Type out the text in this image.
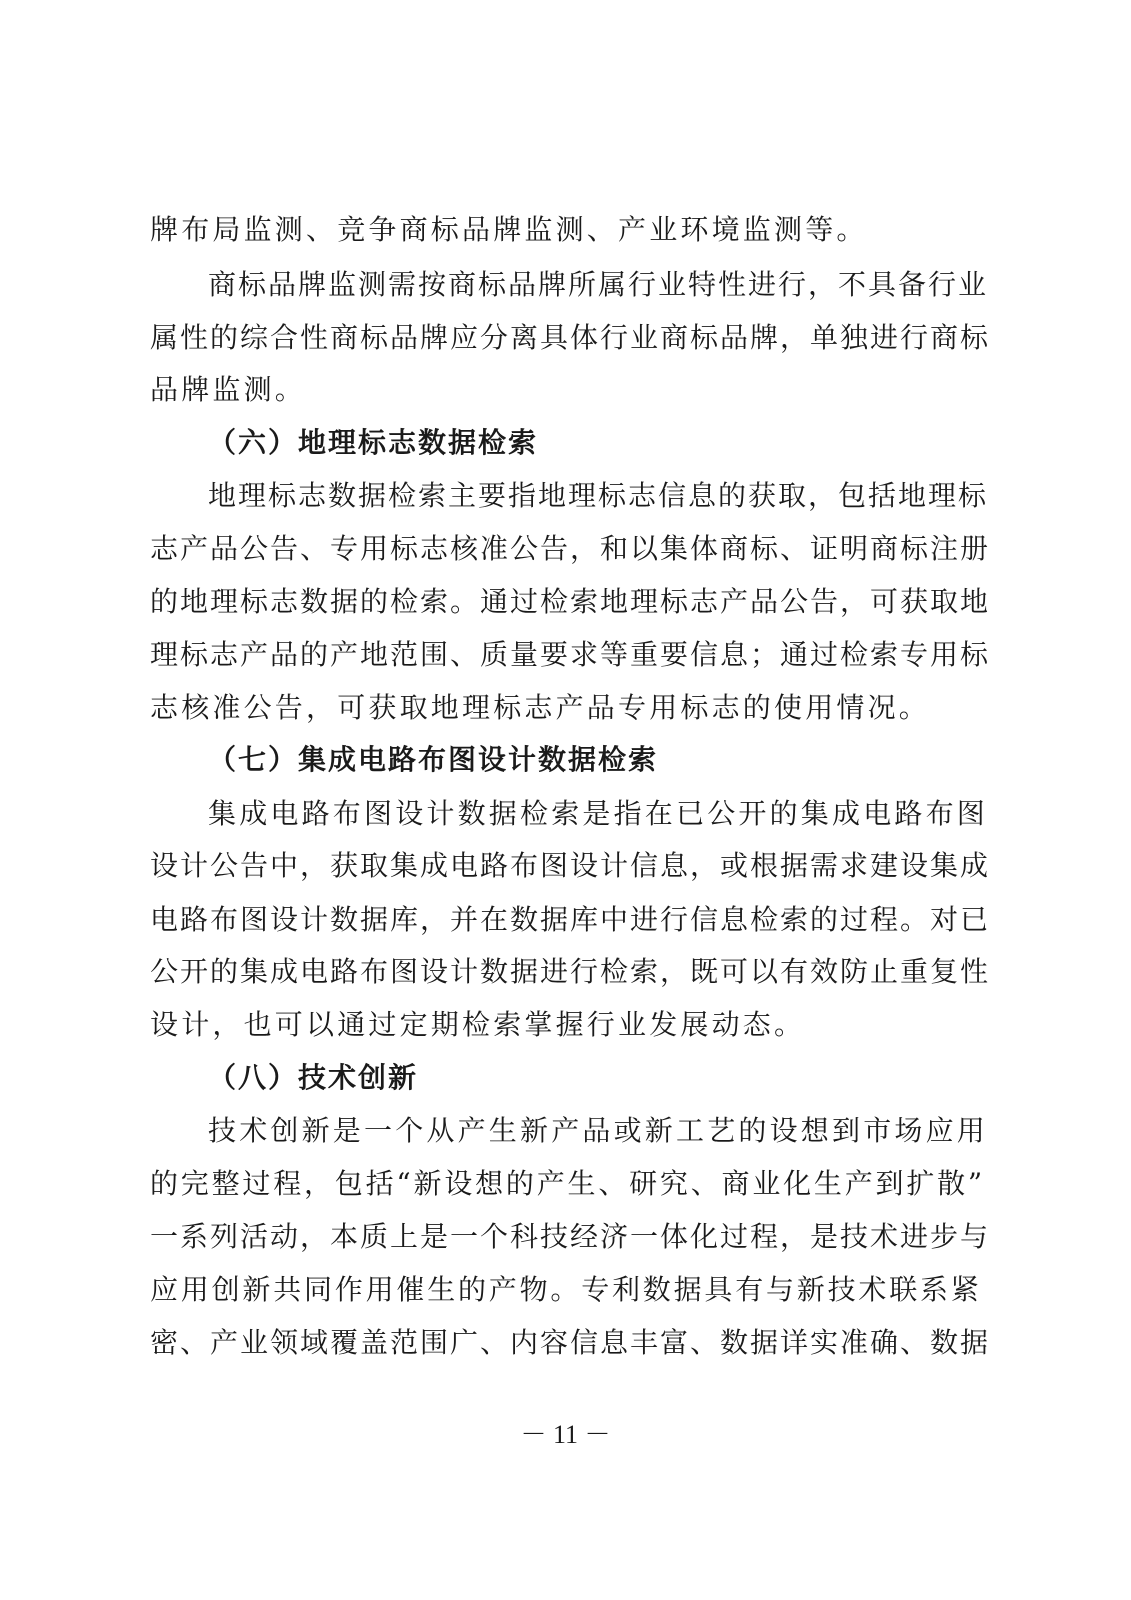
牌布局监测、竞争商标品牌监测、产业环境监测等。
商标品牌监测需按商标品牌所属行业特性进行，不具备行业
属性的综合性商标品牌应分离具体行业商标品牌，单独进行商标
品牌监测。
（六）地理标志数据检索
地理标志数据检索主要指地理标志信息的获取，包括地理标
志产品公告、专用标志核准公告，和以集体商标、证明商标注册
的地理标志数据的检索。通过检索地理标志产品公告，可获取地
理标志产品的产地范围、质量要求等重要信息；通过检索专用标
志核准公告，可获取地理标志产品专用标志的使用情况。
（七）集成电路布图设计数据检索
集成电路布图设计数据检索是指在已公开的集成电路布图
设计公告中，获取集成电路布图设计信息，或根据需求建设集成
电路布图设计数据库，并在数据库中进行信息检索的过程。对已
公开的集成电路布图设计数据进行检索，既可以有效防止重复性
设计，也可以通过定期检索掌握行业发展动态。
（八）技术创新
技术创新是一个从产生新产品或新工艺的设想到市场应用
的完整过程，包括“新设想的产生、研究、商业化生产到扩散”
一系列活动，本质上是一个科技经济一体化过程，是技术进步与
应用创新共同作用催生的产物。专利数据具有与新技术联系紧
密、产业领域覆盖范围广、内容信息丰富、数据详实准确、数据
－ 11 －
